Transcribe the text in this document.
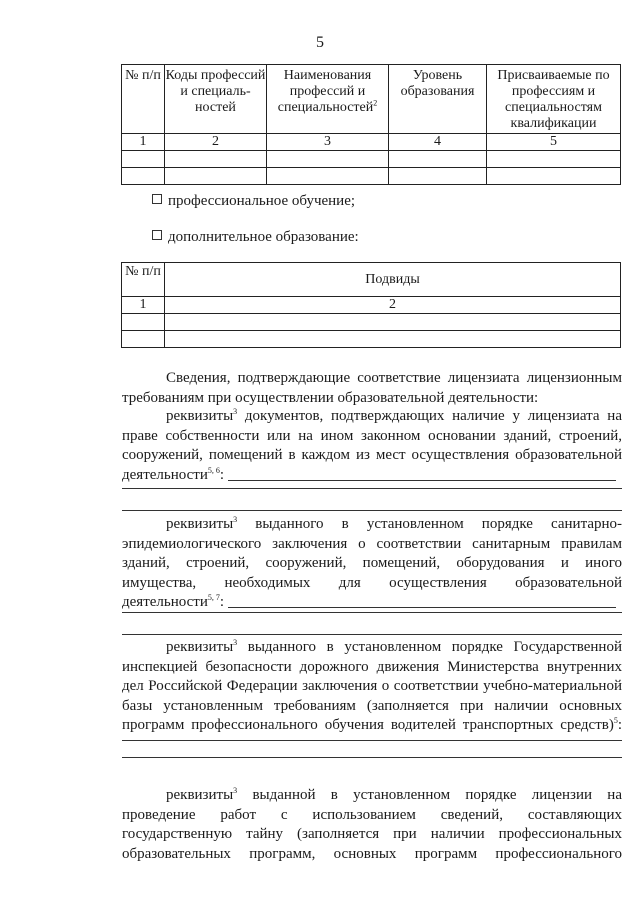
5
№ п/п	Коды профессий и специаль-ностей	Наименования профессий и специальностей$^2$	Уровень образования	Присваиваемые по профессиям и специальностям квалификации
1	2	3	4	5

профессиональное обучение;
дополнительное образование:
№ п/п	Подвиды
1	2

Сведения, подтверждающие соответствие лицензиата лицензионным
требованиям при осуществлении образовательной деятельности:
реквизиты$^3$ документов, подтверждающих наличие у лицензиата на
праве собственности или на ином законном основании зданий, строений,
сооружений, помещений в каждом из мест осуществления образовательной
деятельности$^{5, 6}$:
реквизиты$^3$ выданного в установленном порядке санитарно-
эпидемиологического заключения о соответствии санитарным правилам
зданий, строений, сооружений, помещений, оборудования и иного
имущества, необходимых для осуществления образовательной
деятельности$^{5, 7}$:
реквизиты$^3$ выданного в установленном порядке Государственной
инспекцией безопасности дорожного движения Министерства внутренних
дел Российской Федерации заключения о соответствии учебно-материальной
базы установленным требованиям (заполняется при наличии основных
программ профессионального обучения водителей транспортных средств)$^5$:
реквизиты$^3$ выданной в установленном порядке лицензии на
проведение работ с использованием сведений, составляющих
государственную тайну (заполняется при наличии профессиональных
образовательных программ, основных программ профессионального
